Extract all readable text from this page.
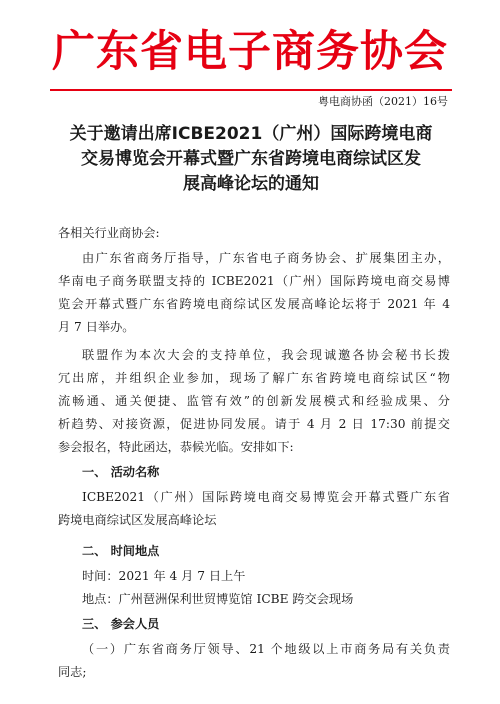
广东省电子商务协会
粤电商协函（2021）16号
关于邀请出席ICBE2021（广州）国际跨境电商
交易博览会开幕式暨广东省跨境电商综试区发
展高峰论坛的通知
各相关行业商协会:
由广东省商务厅指导，广东省电子商务协会、扩展集团主办，
华南电子商务联盟支持的 ICBE2021（广州）国际跨境电商交易博
览会开幕式暨广东省跨境电商综试区发展高峰论坛将于 2021 年 4
月 7 日举办。
联盟作为本次大会的支持单位，我会现诚邀各协会秘书长拨
冗出席，并组织企业参加，现场了解广东省跨境电商综试区“物
流畅通、通关便捷、监管有效”的创新发展模式和经验成果、分
析趋势、对接资源，促进协同发展。请于 4 月 2 日 17:30 前提交
参会报名，特此函达，恭候光临。安排如下:
一、 活动名称
ICBE2021（广州）国际跨境电商交易博览会开幕式暨广东省
跨境电商综试区发展高峰论坛
二、 时间地点
时间：2021 年 4 月 7 日上午
地点：广州琶洲保利世贸博览馆 ICBE 跨交会现场
三、 参会人员
（一）广东省商务厅领导、21 个地级以上市商务局有关负责
同志;
